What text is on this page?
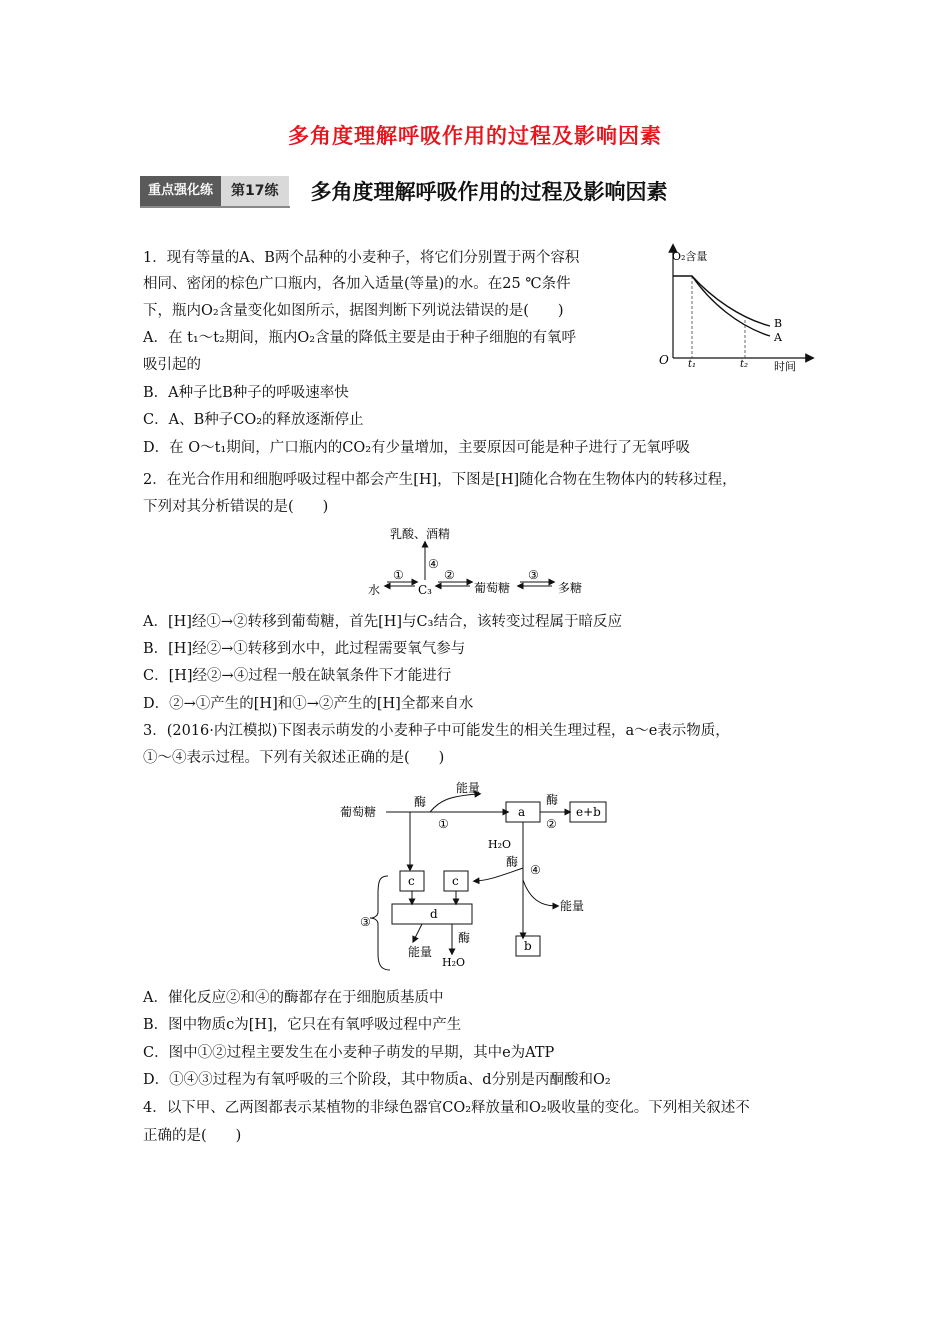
多角度理解呼吸作用的过程及影响因素
重点强化练	第17练	多角度理解呼吸作用的过程及影响因素
1．现有等量的A、B两个品种的小麦种子，将它们分别置于两个容积
相同、密闭的棕色广口瓶内，各加入适量(等量)的水。在25 ℃条件
下，瓶内O₂含量变化如图所示，据图判断下列说法错误的是(　　)
A．在 t₁～t₂期间，瓶内O₂含量的降低主要是由于种子细胞的有氧呼
吸引起的
B．A种子比B种子的呼吸速率快
C．A、B种子CO₂的释放逐渐停止
D．在 O～t₁期间，广口瓶内的CO₂有少量增加，主要原因可能是种子进行了无氧呼吸
O₂含量
时间
O t₁	t₂
B
A
2．在光合作用和细胞呼吸过程中都会产生[H]，下图是[H]随化合物在生物体内的转移过程，
下列对其分析错误的是(　　)
乳酸、酒精
④
水
①
C₃
②
葡萄糖
③
多糖
A．[H]经①→②转移到葡萄糖，首先[H]与C₃结合，该转变过程属于暗反应
B．[H]经②→①转移到水中，此过程需要氧气参与
C．[H]经②→④过程一般在缺氧条件下才能进行
D．②→①产生的[H]和①→②产生的[H]全都来自水
3．(2016·内江模拟)下图表示萌发的小麦种子中可能发生的相关生理过程，a～e表示物质，
①～④表示过程。下列有关叙述正确的是(　　)
葡萄糖
酶
能量
①
a
酶
②
e+b
H₂O
酶
④
能量
b
c	c
d
③
能量
酶
H₂O
A．催化反应②和④的酶都存在于细胞质基质中
B．图中物质c为[H]，它只在有氧呼吸过程中产生
C．图中①②过程主要发生在小麦种子萌发的早期，其中e为ATP
D．①④③过程为有氧呼吸的三个阶段，其中物质a、d分别是丙酮酸和O₂
4．以下甲、乙两图都表示某植物的非绿色器官CO₂释放量和O₂吸收量的变化。下列相关叙述不
正确的是(　　)
